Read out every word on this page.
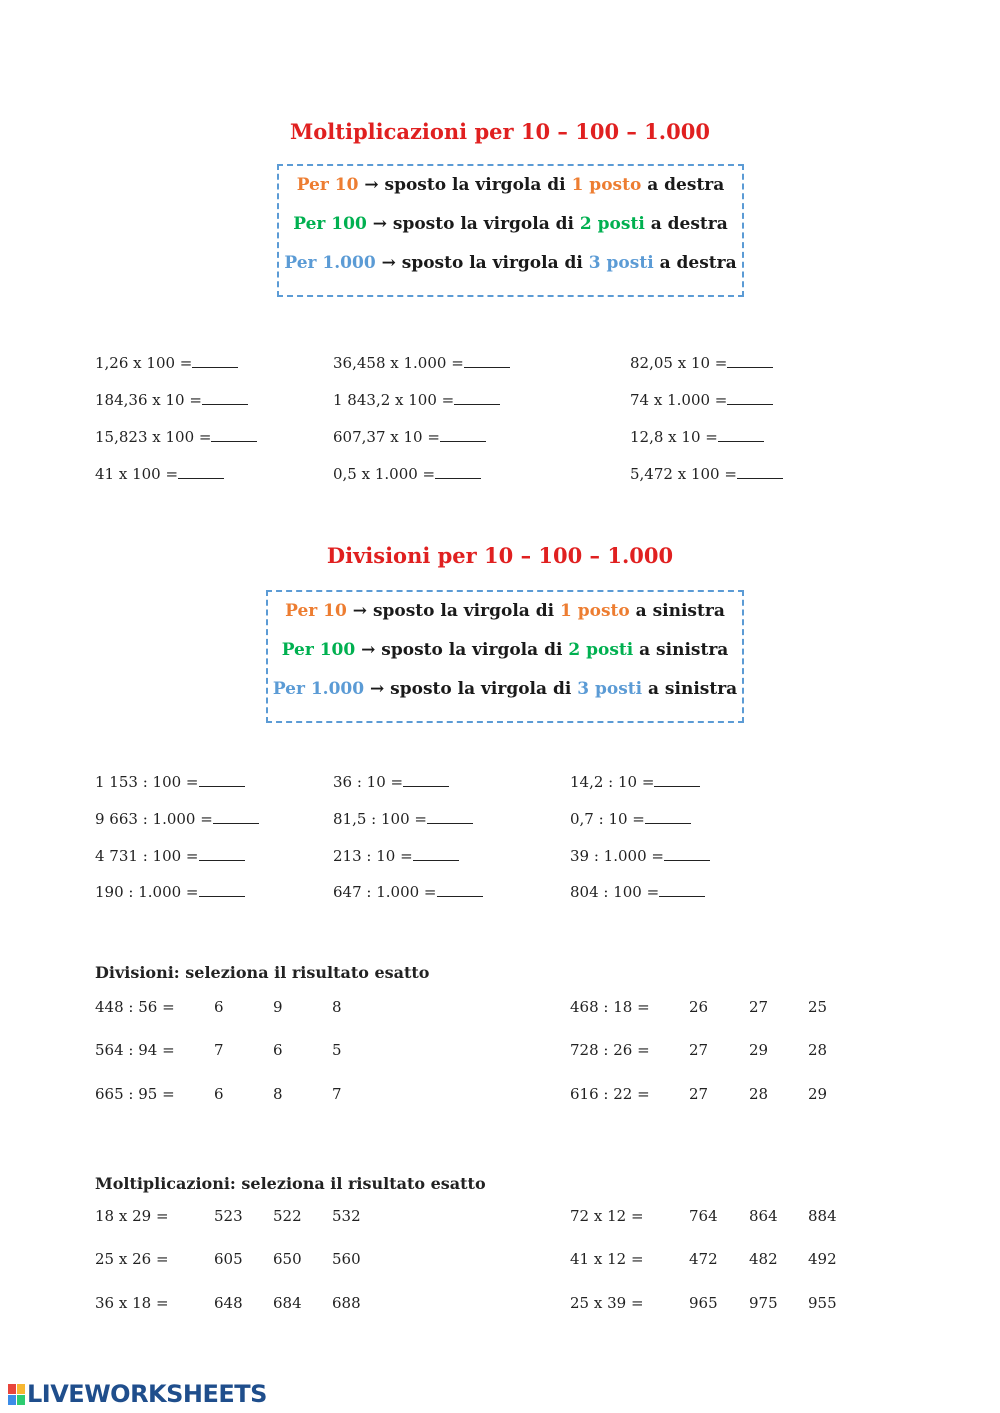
Moltiplicazioni per 10 – 100 – 1.000
Per 10 → sposto la virgola di 1 posto a destra
Per 100 → sposto la virgola di 2 posti a destra
Per 1.000 → sposto la virgola di 3 posti a destra
1,26 x 100 =	36,458 x 1.000 =	82,05 x 10 =
184,36 x 10 =	1 843,2 x 100 =	74 x 1.000 =
15,823 x 100 =	607,37 x 10 =	12,8 x 10 =
41 x 100 =	0,5 x 1.000 =	5,472 x 100 =
Divisioni per 10 – 100 – 1.000
Per 10 → sposto la virgola di 1 posto a sinistra
Per 100 → sposto la virgola di 2 posti a sinistra
Per 1.000 → sposto la virgola di 3 posti a sinistra
1 153 : 100 =	36 : 10 =	14,2 : 10 =
9 663 : 1.000 =	81,5 : 100 =	0,7 : 10 =
4 731 : 100 =	213 : 10 =	39 : 1.000 =
190 : 1.000 =	647 : 1.000 =	804 : 100 =
Divisioni: seleziona il risultato esatto
448 : 56 =	6	9	8
564 : 94 =	7	6	5
665 : 95 =	6	8	7
468 : 18 =	26	27	25
728 : 26 =	27	29	28
616 : 22 =	27	28	29
Moltiplicazioni: seleziona il risultato esatto
18 x 29 =	523 522 532
25 x 26 =	605 650 560
36 x 18 =	648 684 688
72 x 12 =	764 864 884
41 x 12 =	472 482 492
25 x 39 =	965 975 955
LIVEWORKSHEETS
